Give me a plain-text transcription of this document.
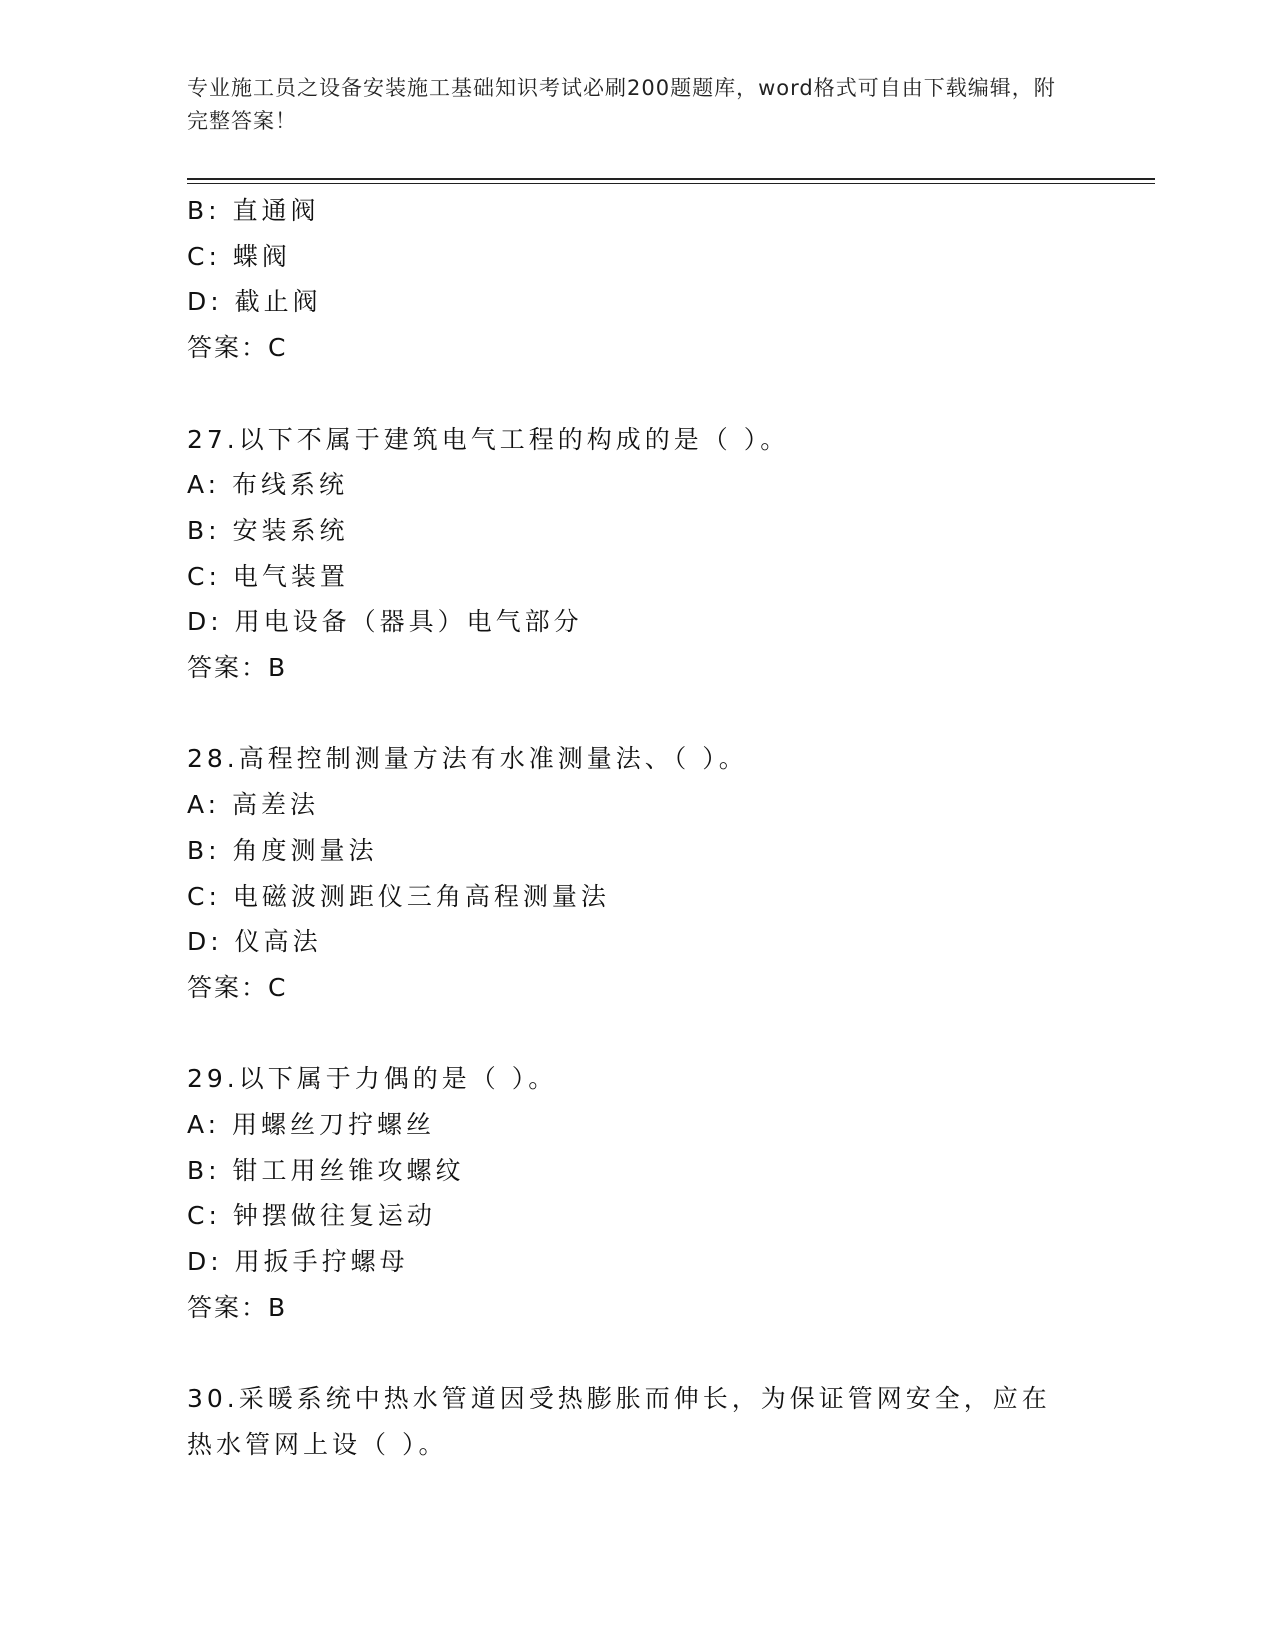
专业施工员之设备安装施工基础知识考试必刷200题题库，word格式可自由下载编辑，附完整答案！
B: 直通阀
C: 蝶阀
D: 截止阀
答案：C
27.以下不属于建筑电气工程的构成的是（ ）。
A: 布线系统
B: 安装系统
C: 电气装置
D: 用电设备（器具）电气部分
答案：B
28.高程控制测量方法有水准测量法、（ ）。
A: 高差法
B: 角度测量法
C: 电磁波测距仪三角高程测量法
D: 仪高法
答案：C
29.以下属于力偶的是（ ）。
A: 用螺丝刀拧螺丝
B: 钳工用丝锥攻螺纹
C: 钟摆做往复运动
D: 用扳手拧螺母
答案：B
30.采暖系统中热水管道因受热膨胀而伸长，为保证管网安全，应在热水管网上设（ ）。
